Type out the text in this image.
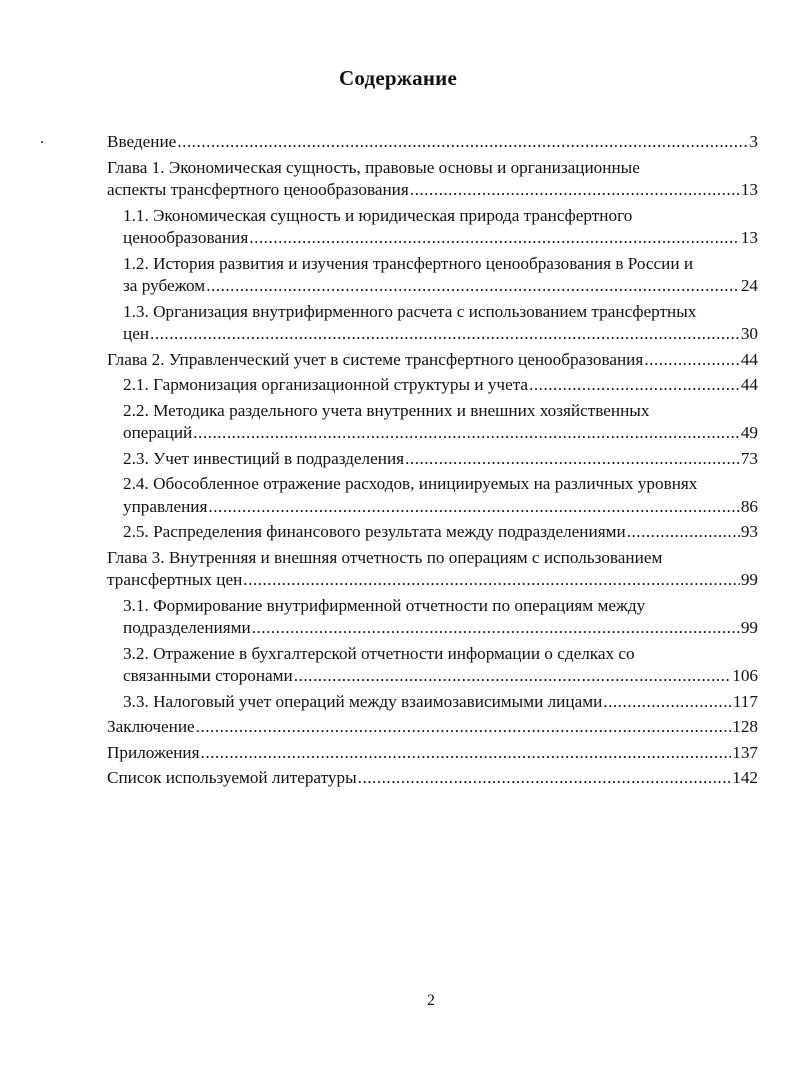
Содержание
Введение .....	3
Глава 1. Экономическая сущность, правовые основы и организационные
аспекты трансфертного ценообразования .....	13
1.1. Экономическая сущность и юридическая природа трансфертного
ценообразования .....	13
1.2. История развития и изучения трансфертного ценообразования в России и
за рубежом .....	24
1.3. Организация внутрифирменного расчета с использованием трансфертных
цен .....	30
Глава 2. Управленческий учет в системе трансфертного ценообразования .....	44
2.1. Гармонизация организационной структуры и учета .....	44
2.2. Методика раздельного учета внутренних и внешних хозяйственных
операций .....	49
2.3. Учет инвестиций в подразделения .....	73
2.4. Обособленное отражение расходов, инициируемых на различных уровнях
управления .....	86
2.5. Распределения финансового результата между подразделениями .....	93
Глава 3. Внутренняя и внешняя отчетность по операциям с использованием
трансфертных цен .....	99
3.1. Формирование внутрифирменной отчетности по операциям между
подразделениями .....	99
3.2. Отражение в бухгалтерской отчетности информации о сделках со
связанными сторонами .....	106
3.3. Налоговый учет операций между взаимозависимыми лицами .....	117
Заключение .....	128
Приложения .....	137
Список используемой литературы .....	142
2
